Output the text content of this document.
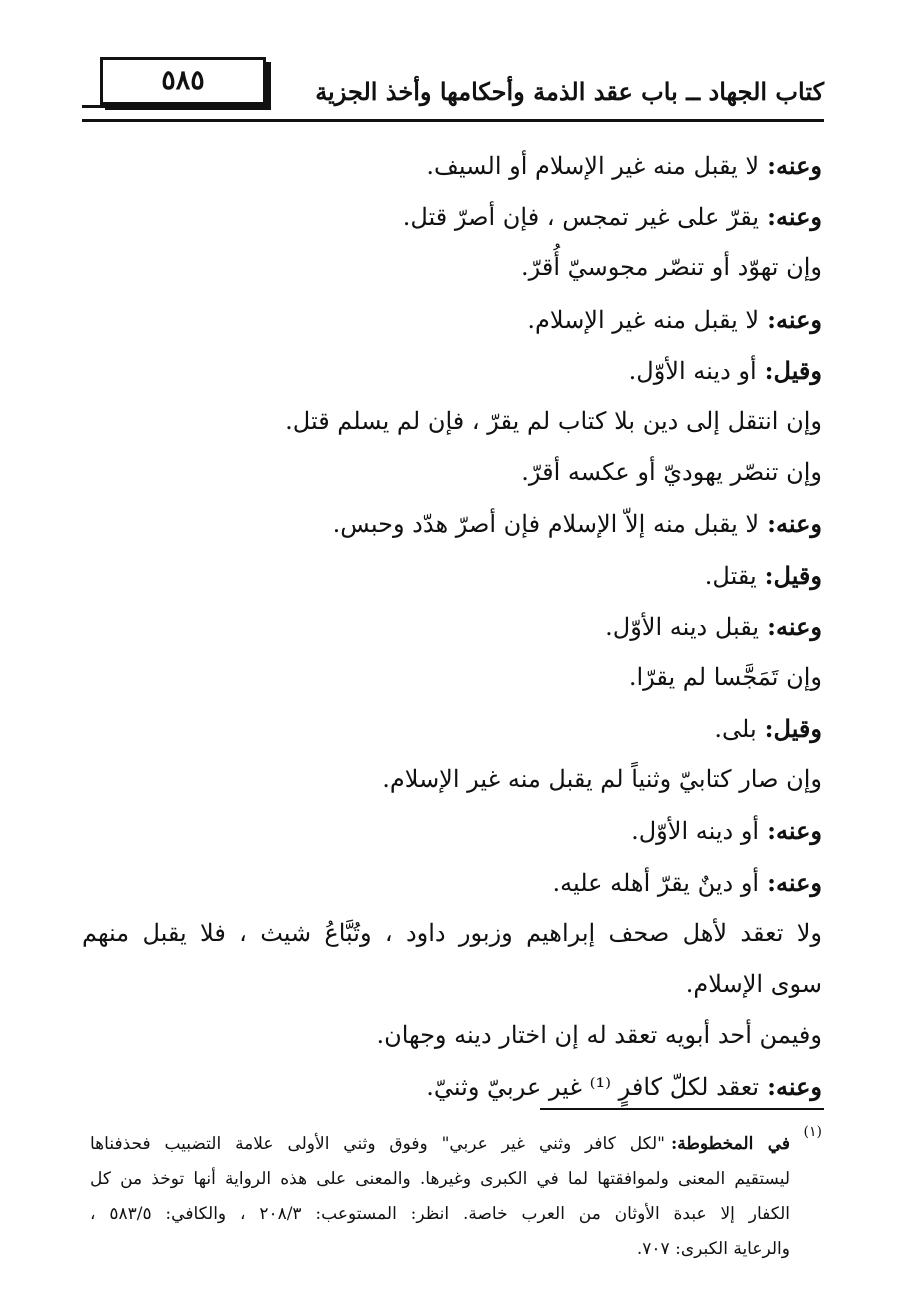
٥٨٥	كتاب الجهاد ــ باب عقد الذمة وأحكامها وأخذ الجزية
وعنه:لا يقبل منه غير الإسلام أو السيف.
وعنه:يقرّ على غير تمجس ، فإن أصرّ قتل.
وإن تهوّد أو تنصّر مجوسيّ أُقرّ.
وعنه:لا يقبل منه غير الإسلام.
وقيل:أو دينه الأوّل.
وإن انتقل إلى دين بلا كتاب لم يقرّ ، فإن لم يسلم قتل.
وإن تنصّر يهوديّ أو عكسه أقرّ.
وعنه:لا يقبل منه إلاّ الإسلام فإن أصرّ هدّد وحبس.
وقيل:يقتل.
وعنه:يقبل دينه الأوّل.
وإن تَمَجَّسا لم يقرّا.
وقيل:بلى.
وإن صار كتابيّ وثنياً لم يقبل منه غير الإسلام.
وعنه:أو دينه الأوّل.
وعنه:أو دينٌ يقرّ أهله عليه.
ولا تعقد لأهل صحف إبراهيم وزبور داود ، وتُبَّاعُ شيث ، فلا يقبل منهم
سوى الإسلام.
وفيمن أحد أبويه تعقد له إن اختار دينه وجهان.
وعنه:تعقد لكلّ كافرٍ ⁽¹⁾ غير عربيّ وثنيّ.
(١)
في المخطوطة:"لكل كافر وثني غير عربي" وفوق وثني الأولى علامة التضبيب فحذفناها
ليستقيم المعنى ولموافقتها لما في الكبرى وغيرها. والمعنى على هذه الرواية أنها توخذ من كل
الكفار إلا عبدة الأوثان من العرب خاصة. انظر: المستوعب: ٢٠٨/٣ ، والكافي: ٥٨٣/٥ ،
والرعاية الكبرى: ٧٠٧.
